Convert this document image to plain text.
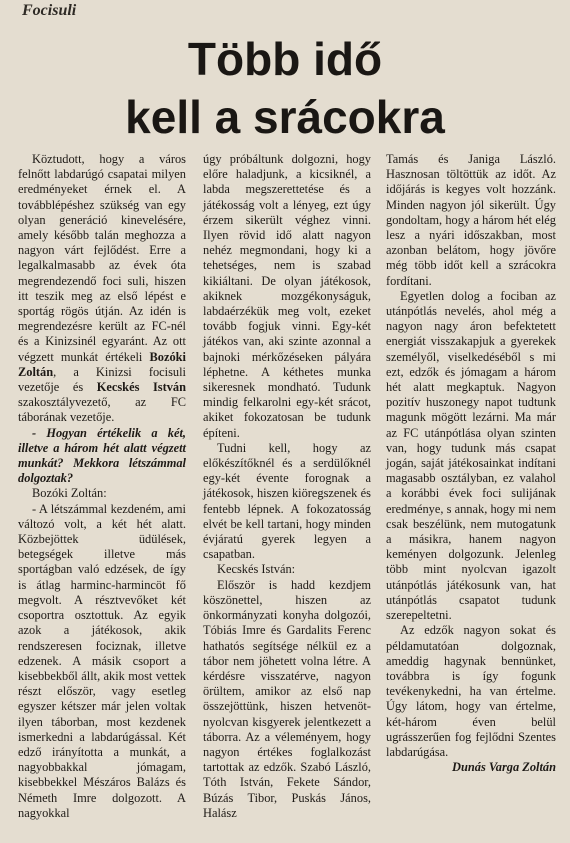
Focisuli
Több idő
kell a srácokra

Köztudott, hogy a város felnőtt labdarúgó csapatai milyen eredményeket érnek el. A továbblépéshez szükség van egy olyan generáció kinevelésére, amely később talán meghozza a nagyon várt fejlődést. Erre a legalkalmasabb az évek óta megrendezendő foci suli, hiszen itt teszik meg az első lépést e sportág rögös útján. Az idén is megrendezésre került az FC-nél és a Kinizsinél egyaránt. Az ott végzett munkát értékeli Bozóki Zoltán, a Kinizsi focisuli vezetője és Kecskés István szakosztályvezető, az FC táborának vezetője.

- Hogyan értékelik a két, illetve a három hét alatt végzett munkát? Mekkora létszámmal dolgoztak?

Bozóki Zoltán:

- A létszámmal kezdeném, ami változó volt, a két hét alatt. Közbejöttek üdülések, betegségek illetve más sportágban való edzések, de így is átlag harminc-harmincöt fő megvolt. A résztvevőket két csoportra osztottuk. Az egyik azok a játékosok, akik rendszeresen fociznak, illetve edzenek. A másik csoport a kisebbekből állt, akik most vettek részt először, vagy esetleg egyszer kétszer már jelen voltak ilyen táborban, most kezdenek ismerkedni a labdarúgással. Két edző irányította a munkát, a nagyobbakkal jómagam, kisebbekkel Mészáros Balázs és Németh Imre dolgozott. A nagyokkal

úgy próbáltunk dolgozni, hogy előre haladjunk, a kicsiknél, a labda megszerettetése és a játékosság volt a lényeg, ezt úgy érzem sikerült véghez vinni. Ilyen rövid idő alatt nagyon nehéz megmondani, hogy ki a tehetséges, nem is szabad kikiáltani. De olyan játékosok, akiknek mozgékonyságuk, labdaérzékük meg volt, ezeket tovább fogjuk vinni. Egy-két játékos van, aki szinte azonnal a bajnoki mérkőzéseken pályára léphetne. A kéthetes munka sikeresnek mondható. Tudunk mindig felkarolni egy-két srácot, akiket fokozatosan be tudunk építeni.

Tudni kell, hogy az előkészítőknél és a serdülőknél egy-két évente forognak a játékosok, hiszen kiöregszenek és fentebb lépnek. A fokozatosság elvét be kell tartani, hogy minden évjáratú gyerek legyen a csapatban.

Kecskés István:

Először is hadd kezdjem köszönettel, hiszen az önkormányzati konyha dolgozói, Tóbiás Imre és Gardalits Ferenc hathatós segítsége nélkül ez a tábor nem jöhetett volna létre. A kérdésre visszatérve, nagyon örültem, amikor az első nap összejöttünk, hiszen hetvenöt-nyolcvan kisgyerek jelentkezett a táborra. Az a véleményem, hogy nagyon értékes foglalkozást tartottak az edzők. Szabó László, Tóth István, Fekete Sándor, Búzás Tibor, Puskás János, Halász

Tamás és Janiga László. Hasznosan töltöttük az időt. Az időjárás is kegyes volt hozzánk. Minden nagyon jól sikerült. Úgy gondoltam, hogy a három hét elég lesz a nyári időszakban, most azonban belátom, hogy jövőre még több időt kell a szrácokra fordítani.

Egyetlen dolog a fociban az utánpótlás nevelés, ahol még a nagyon nagy áron befektetett energiát visszakapjuk a gyerekek személyől, viselkedéséből s mi ezt, edzők és jómagam a három hét alatt megkaptuk. Nagyon pozitív huszonegy napot tudtunk magunk mögött lezárni. Ma már az FC utánpótlása olyan szinten van, hogy tudunk más csapat jogán, saját játékosainkat indítani magasabb osztályban, ez valahol a korábbi évek foci sulijának eredménye, s annak, hogy mi nem csak beszélünk, nem mutogatunk a másikra, hanem nagyon keményen dolgozunk. Jelenleg több mint nyolcvan igazolt utánpótlás játékosunk van, hat utánpótlás csapatot tudunk szerepeltetni.

Az edzők nagyon sokat és példamutatóan dolgoznak, ameddig hagynak bennünket, továbbra is így fogunk tevékenykedni, ha van értelme. Úgy látom, hogy van értelme, két-három éven belül ugrásszerűen fog fejlődni Szentes labdarúgása.

Dunás Varga Zoltán
